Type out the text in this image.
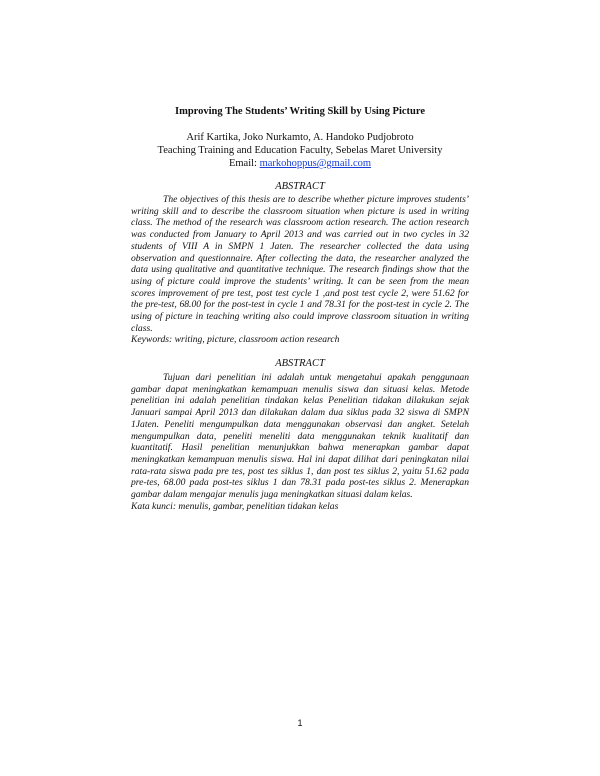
Improving The Students’ Writing Skill by Using Picture
Arif Kartika, Joko Nurkamto, A. Handoko Pudjobroto
Teaching Training and Education Faculty, Sebelas Maret University
Email: markohoppus@gmail.com
ABSTRACT

The objectives of this thesis are to describe whether picture improves students’ writing skill and to describe the classroom situation when picture is used in writing class. The method of the research was classroom action research. The action research was conducted from January to April 2013 and was carried out in two cycles in 32 students of VIII A in SMPN 1 Jaten. The researcher collected the data using observation and questionnaire. After collecting the data, the researcher analyzed the data using qualitative and quantitative technique. The research findings show that the using of picture could improve the students’ writing. It can be seen from the mean scores improvement of pre test, post test cycle 1 ,and post test cycle 2, were 51.62 for the pre-test, 68.00 for the post-test in cycle 1 and 78.31 for the post-test in cycle 2. The using of picture in teaching writing also could improve classroom situation in writing class.

Keywords: writing, picture, classroom action research

ABSTRACT

Tujuan dari penelitian ini adalah untuk mengetahui apakah penggunaan gambar dapat meningkatkan kemampuan menulis siswa dan situasi kelas. Metode penelitian ini adalah penelitian tindakan kelas Penelitian tidakan dilakukan sejak Januari sampai April 2013 dan dilakukan dalam dua siklus pada 32 siswa di SMPN 1Jaten. Peneliti mengumpulkan data menggunakan observasi dan angket. Setelah mengumpulkan data, peneliti meneliti data menggunakan teknik kualitatif dan kuantitatif. Hasil penelitian menunjukkan bahwa menerapkan gambar dapat meningkatkan kemampuan menulis siswa. Hal ini dapat dilihat dari peningkatan nilai rata-rata siswa pada pre tes, post tes siklus 1, dan post tes siklus 2, yaitu 51.62 pada pre-tes, 68.00 pada post-tes siklus 1 dan 78.31 pada post-tes siklus 2. Menerapkan gambar dalam mengajar menulis juga meningkatkan situasi dalam kelas.

Kata kunci: menulis, gambar, penelitian tidakan kelas

1
